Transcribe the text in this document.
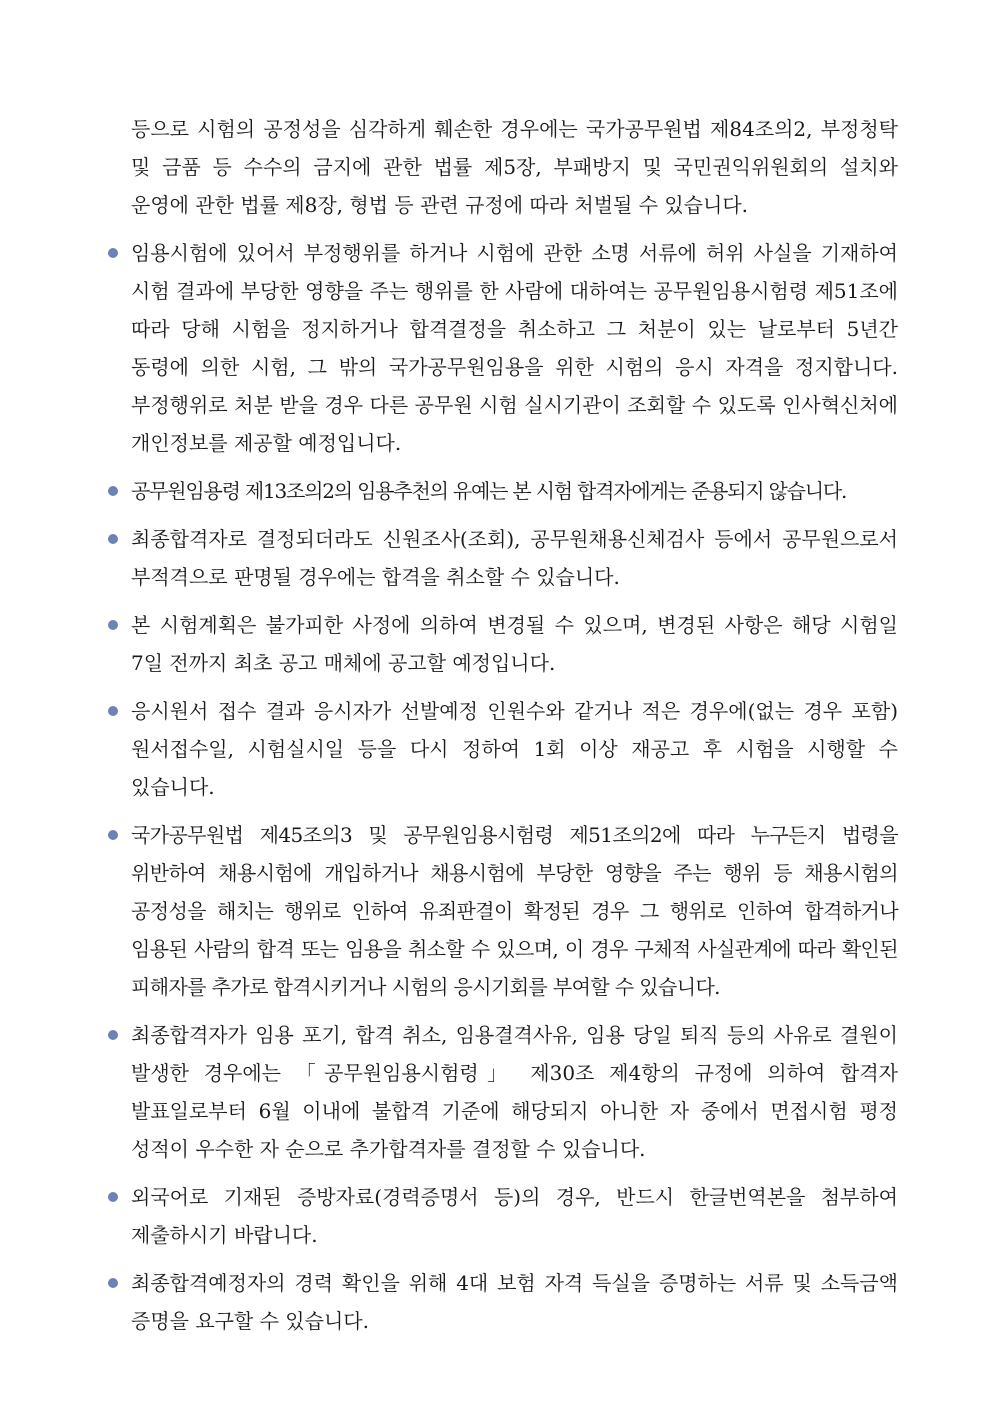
등으로 시험의 공정성을 심각하게 훼손한 경우에는 국가공무원법 제84조의2, 부정청탁 및 금품 등 수수의 금지에 관한 법률 제5장, 부패방지 및 국민권익위원회의 설치와 운영에 관한 법률 제8장, 형법 등 관련 규정에 따라 처벌될 수 있습니다.

임용시험에 있어서 부정행위를 하거나 시험에 관한 소명 서류에 허위 사실을 기재하여 시험 결과에 부당한 영향을 주는 행위를 한 사람에 대하여는 공무원임용시험령 제51조에 따라 당해 시험을 정지하거나 합격결정을 취소하고 그 처분이 있는 날로부터 5년간 동령에 의한 시험, 그 밖의 국가공무원임용을 위한 시험의 응시 자격을 정지합니다. 부정행위로 처분 받을 경우 다른 공무원 시험 실시기관이 조회할 수 있도록 인사혁신처에 개인정보를 제공할 예정입니다.

공무원임용령 제13조의2의 임용추천의 유예는 본 시험 합격자에게는 준용되지 않습니다.

최종합격자로 결정되더라도 신원조사(조회), 공무원채용신체검사 등에서 공무원으로서 부적격으로 판명될 경우에는 합격을 취소할 수 있습니다.

본 시험계획은 불가피한 사정에 의하여 변경될 수 있으며, 변경된 사항은 해당 시험일 7일 전까지 최초 공고 매체에 공고할 예정입니다.

응시원서 접수 결과 응시자가 선발예정 인원수와 같거나 적은 경우에(없는 경우 포함) 원서접수일, 시험실시일 등을 다시 정하여 1회 이상 재공고 후 시험을 시행할 수 있습니다.

국가공무원법 제45조의3 및 공무원임용시험령 제51조의2에 따라 누구든지 법령을 위반하여 채용시험에 개입하거나 채용시험에 부당한 영향을 주는 행위 등 채용시험의 공정성을 해치는 행위로 인하여 유죄판결이 확정된 경우 그 행위로 인하여 합격하거나 임용된 사람의 합격 또는 임용을 취소할 수 있으며, 이 경우 구체적 사실관계에 따라 확인된 피해자를 추가로 합격시키거나 시험의 응시기회를 부여할 수 있습니다.

최종합격자가 임용 포기, 합격 취소, 임용결격사유, 임용 당일 퇴직 등의 사유로 결원이 발생한 경우에는 「공무원임용시험령」 제30조 제4항의 규정에 의하여 합격자 발표일로부터 6월 이내에 불합격 기준에 해당되지 아니한 자 중에서 면접시험 평정 성적이 우수한 자 순으로 추가합격자를 결정할 수 있습니다.

외국어로 기재된 증방자료(경력증명서 등)의 경우, 반드시 한글번역본을 첨부하여 제출하시기 바랍니다.

최종합격예정자의 경력 확인을 위해 4대 보험 자격 득실을 증명하는 서류 및 소득금액 증명을 요구할 수 있습니다.
